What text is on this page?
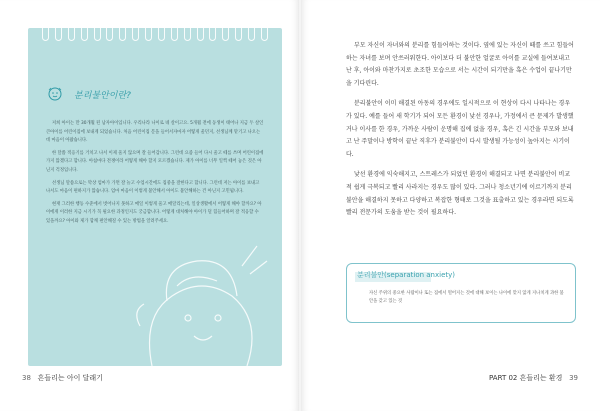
분리불안이란?

저희 아이는 만 30개월 된 남자아이입니다. 우리나라 나이로 네 살이고요. 5개월 전에 동생이 태어나 지금 두 살인 큰아이를 어린이집에 보내게 되었습니다. 처음 어린이집 문을 들어서자마자 어떻게 울던지, 선생님께 맡기고 나오는데 마음이 아팠습니다.

한 달쯤 적응기를 거치고 나서 이제 울지 않으며 잘 들어갑니다. 그런데 요즘 들어 다시 울고 떼를 쓰며 어린이집에 가지 않겠다고 합니다. 아침마다 전쟁이라 어떻게 해야 할지 모르겠습니다. 제가 아이를 너무 일찍 떼어 놓은 것은 아닌지 걱정입니다.

선생님 말씀으로는 막상 엄마가 가면 잘 놀고 수업시간에도 집중을 잘한다고 합니다. 그런데 저는 아이를 보내고 나서도 마음이 편하지가 않습니다. 엄마 마음이 이렇게 불안해서 아이도 불안해하는 건 아닌지 고민됩니다.

현재 그러한 행동 수준에서 벗어나지 못하고 매일 이렇게 울고 매달리는데, 일상생활에서 어떻게 해야 할까요? 아이에게 이러한 지금 시기가 꼭 필요한 과정인지도 궁금합니다. 어떻게 대처해야 아이가 덜 힘들어하며 잘 적응할 수 있을까요? 아이와 제가 함께 편안해질 수 있는 방법을 알려주세요.

38 흔들리는 아이 달래기

부모 자신이 자녀와의 분리를 힘들어하는 것이다. 옆에 있는 자신이 떼를 쓰고 힘들어하는 자녀를 보며 안쓰러워한다. 아이보다 더 불안한 얼굴로 아이를 교실에 들여보내고 난 후, 아이와 마찬가지로 초조한 모습으로 서는 시간이 되기만을 혹은 수업이 끝나기만을 기다린다.

분리불안이 이미 해결된 아동의 경우에도 일시적으로 이 현상이 다시 나타나는 경우가 있다. 예를 들어 새 학기가 되어 모든 환경이 낯선 경우나, 가정에서 큰 문제가 발생했거나 이사를 한 경우, 가까운 사람이 운명해 집에 없을 경우, 혹은 긴 시간을 부모와 보내고 난 주말이나 방학이 끝난 직후가 분리불안이 다시 발생될 가능성이 높아지는 시기이다.

낯선 환경에 익숙해지고, 스트레스가 되었던 환경이 해결되고 나면 분리불안이 비교적 쉽게 극복되고 빨리 사라지는 경우도 많이 있다. 그러나 청소년기에 이르기까지 분리불안을 해결하지 못하고 다양하고 복잡한 형태로 그것을 표출하고 있는 경우라면 되도록 빨리 전문가의 도움을 받는 것이 필요하다.

분리불안(separation anxiety)
자신 주위의 중요한 사람이나 또는 집에서 떨어지는 것에 대해 보이는 나이에 맞지 않게 지나치게 과한 불안을 갖고 있는 것
PART 02 흔들리는 환경 39
